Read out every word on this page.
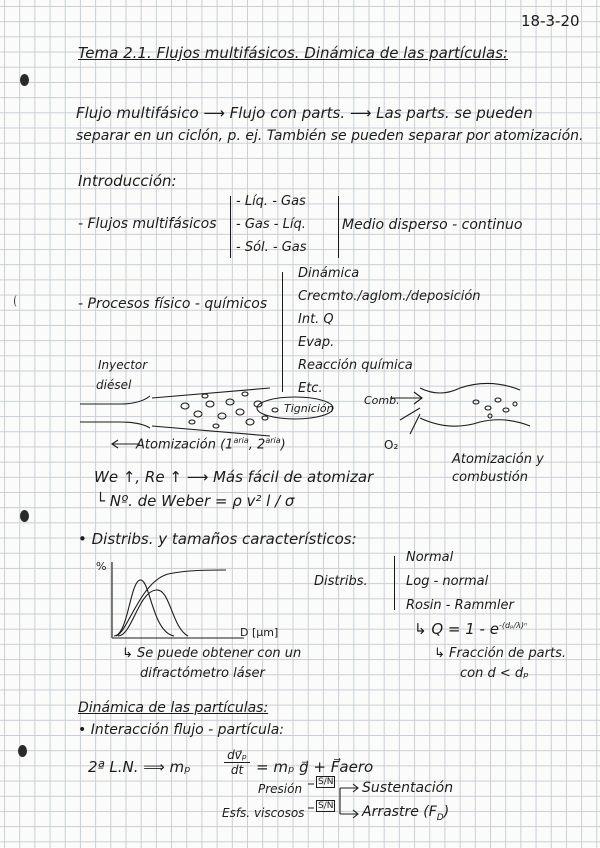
18-3-20
Tema 2.1. Flujos multifásicos. Dinámica de las partículas:
Flujo multifásico ⟶ Flujo con parts. ⟶ Las parts. se pueden
separar en un ciclón, p. ej. También se pueden separar por atomización.
Introducción:
- Flujos multifásicos
- Líq. - Gas
- Gas - Líq.
- Sól. - Gas
Medio disperso - continuo
- Procesos físico - químicos
Dinámica
Crecmto./aglom./deposición
Int. Q
Evap.
Reacción química
Etc.
Inyector
diésel
Tignición
Atomización ($1^{aria}$, $2^{aria}$)
Comb.
O₂
Atomización y
combustión
We ↑, Re ↑ ⟶ Más fácil de atomizar
└ Nº. de Weber = ρ v² l / σ
• Distribs. y tamaños característicos:
%
D [μm]
↳ Se puede obtener con un
difractómetro láser
Distribs.
Normal
Log - normal
Rosin - Rammler
↳ $Q = 1 - e^{-(d_p/\lambda)^n}$
↳ Fracción de parts.
con d < dₚ
Dinámica de las partículas:
• Interacción flujo - partícula:
2ª L.N. ⟹ mₚ	$\frac{\text{dv⃗ₚ}}{dt} = m_p$ g⃗ + F⃗aero
Presión
Esfs. viscosos
S/N
S/N
Sustentación
Arrastre $(F_D)$
